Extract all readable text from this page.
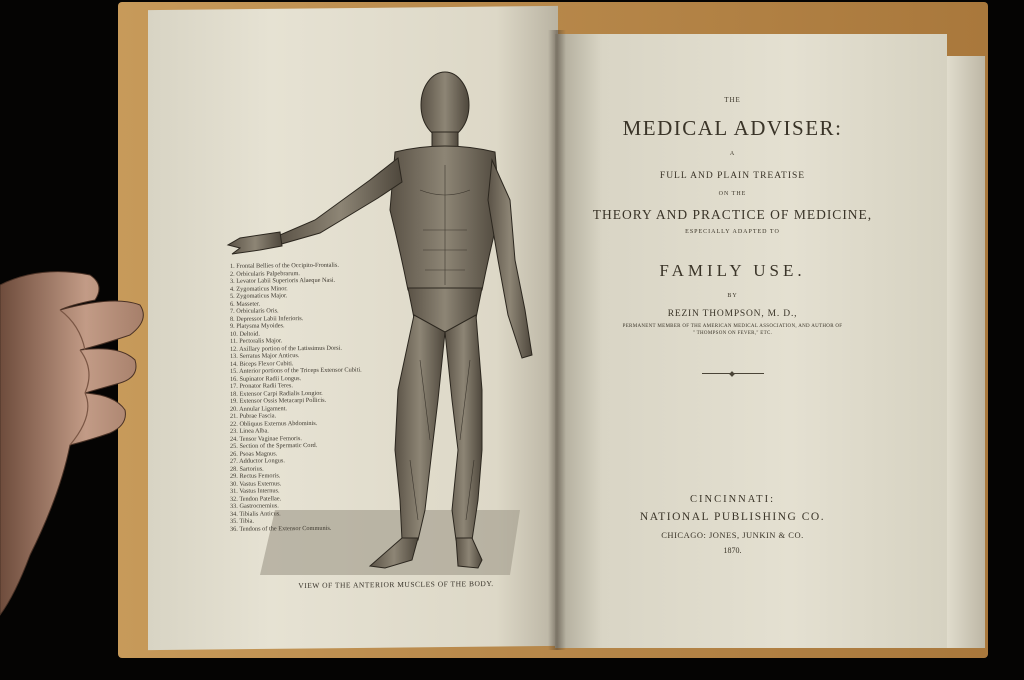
1. Frontal Bellies of the Occipito-Frontalis.
2. Orbicularis Palpebrarum.
3. Levator Labii Superioris Alaeque Nasi.
4. Zygomaticus Minor.
5. Zygomaticus Major.
6. Masseter.
7. Orbicularis Oris.
8. Depressor Labii Inferioris.
9. Platysma Myoides.
10. Deltoid.
11. Pectoralis Major.
12. Axillary portion of the Latissimus Dorsi.
13. Serratus Major Anticus.
14. Biceps Flexor Cubiti.
15. Anterior portions of the Triceps Extensor Cubiti.
16. Supinator Radii Longus.
17. Pronator Radii Teres.
18. Extensor Carpi Radialis Longior.
19. Extensor Ossis Metacarpi Pollicis.
20. Annular Ligament.
21. Pubrae Fascia.
22. Obliquus Externus Abdominis.
23. Linea Alba.
24. Tensor Vaginae Femoris.
25. Section of the Spermatic Cord.
26. Psoas Magnus.
27. Adductor Longus.
28. Sartorius.
29. Rectus Femoris.
30. Vastus Externus.
31. Vastus Internus.
32. Tendon Patellae.
33. Gastrocnemius.
34. Tibialis Anticus.
35. Tibia.
36. Tendons of the Extensor Communis.
VIEW OF THE ANTERIOR MUSCLES OF THE BODY.
THE
MEDICAL ADVISER:
A
FULL AND PLAIN TREATISE
ON THE
THEORY AND PRACTICE OF MEDICINE,
ESPECIALLY ADAPTED TO
FAMILY USE.
BY
REZIN THOMPSON, M. D.,
PERMANENT MEMBER OF THE AMERICAN MEDICAL ASSOCIATION, AND AUTHOR OF
" THOMPSON ON FEVER," ETC.
CINCINNATI:
NATIONAL PUBLISHING CO.
CHICAGO: JONES, JUNKIN & CO.
1870.
